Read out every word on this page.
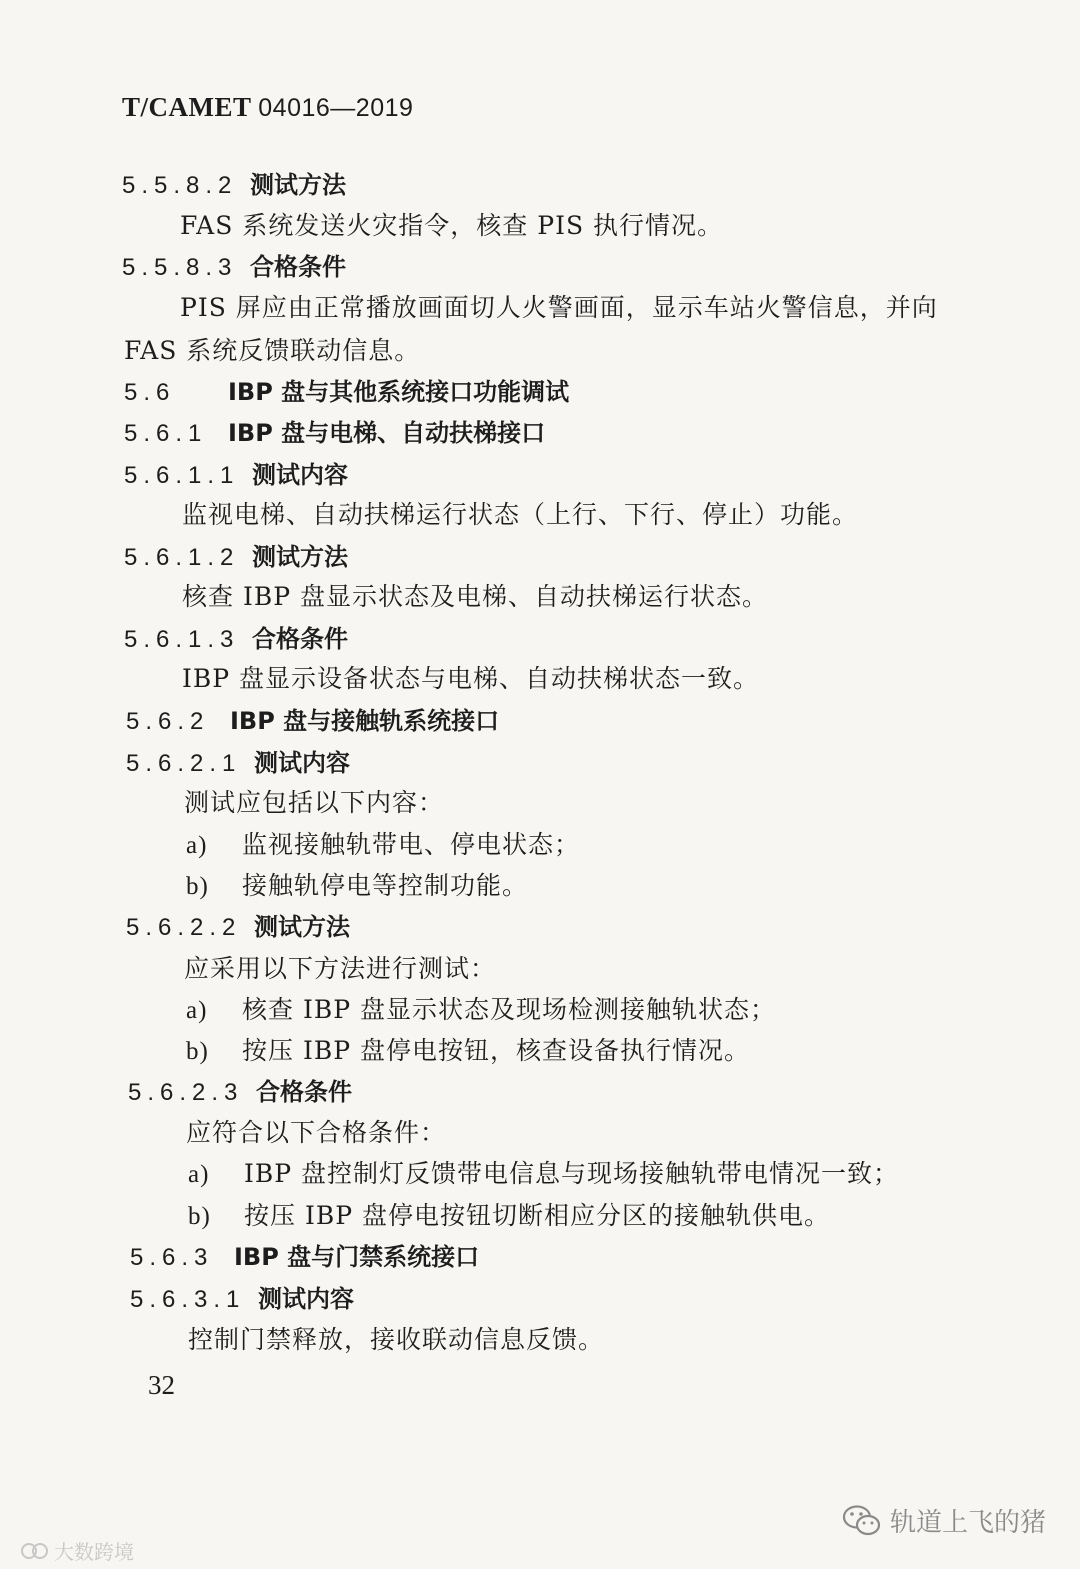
T/CAMET 04016—2019
5.5.8.2 测试方法
FAS 系统发送火灾指令，核查 PIS 执行情况。
5.5.8.3 合格条件
PIS 屏应由正常播放画面切人火警画面，显示车站火警信息，并向
FAS 系统反馈联动信息。
5.6 IBP 盘与其他系统接口功能调试
5.6.1 IBP 盘与电梯、自动扶梯接口
5.6.1.1 测试内容
监视电梯、自动扶梯运行状态（上行、下行、停止）功能。
5.6.1.2 测试方法
核查 IBP 盘显示状态及电梯、自动扶梯运行状态。
5.6.1.3 合格条件
IBP 盘显示设备状态与电梯、自动扶梯状态一致。
5.6.2 IBP 盘与接触轨系统接口
5.6.2.1 测试内容
测试应包括以下内容：
a) 监视接触轨带电、停电状态；
b) 接触轨停电等控制功能。
5.6.2.2 测试方法
应采用以下方法进行测试：
a) 核查 IBP 盘显示状态及现场检测接触轨状态；
b) 按压 IBP 盘停电按钮，核查设备执行情况。
5.6.2.3 合格条件
应符合以下合格条件：
a) IBP 盘控制灯反馈带电信息与现场接触轨带电情况一致；
b) 按压 IBP 盘停电按钮切断相应分区的接触轨供电。
5.6.3 IBP 盘与门禁系统接口
5.6.3.1 测试内容
控制门禁释放，接收联动信息反馈。
32
轨道上飞的猪
大数跨境
